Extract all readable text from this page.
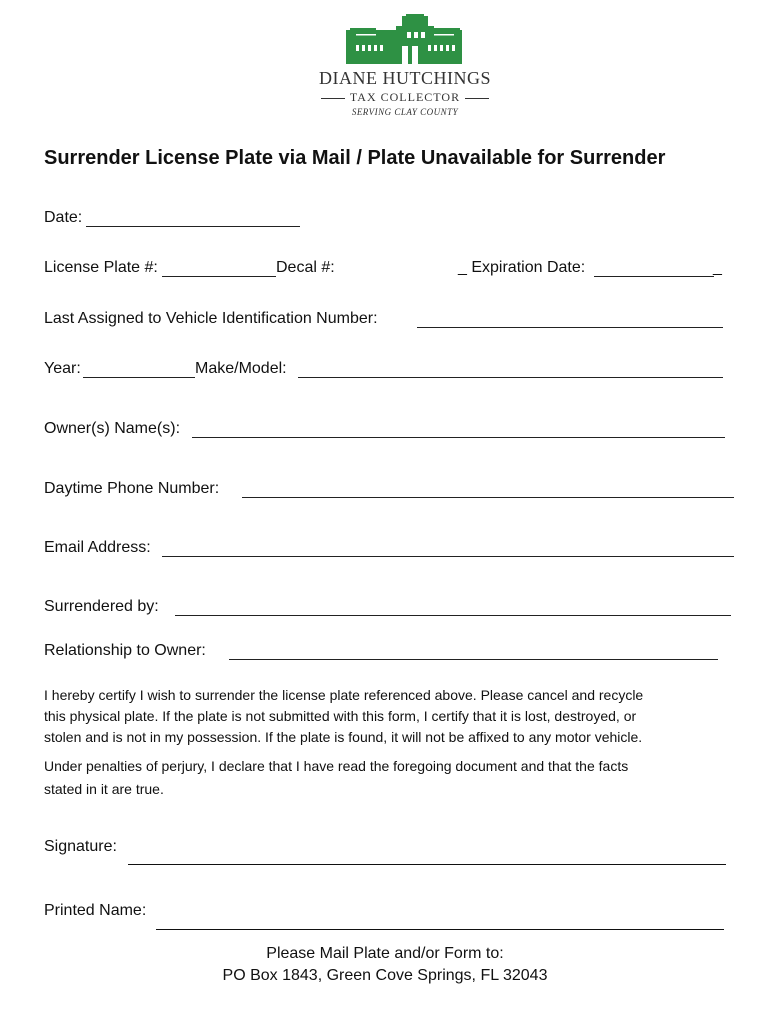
DIANE HUTCHINGS
TAX COLLECTOR
SERVING CLAY COUNTY
Surrender License Plate via Mail / Plate Unavailable for Surrender
Date:
License Plate #:	Decal #:	_ Expiration Date:	_
Last Assigned to Vehicle Identification Number:
Year:	Make/Model:
Owner(s) Name(s):
Daytime Phone Number:
Email Address:
Surrendered by:
Relationship to Owner:
I hereby certify I wish to surrender the license plate referenced above. Please cancel and recycle
this physical plate. If the plate is not submitted with this form, I certify that it is lost, destroyed, or
stolen and is not in my possession. If the plate is found, it will not be affixed to any motor vehicle.
Under penalties of perjury, I declare that I have read the foregoing document and that the facts
stated in it are true.
Signature:
Printed Name:
Please Mail Plate and/or Form to:
PO Box 1843, Green Cove Springs, FL 32043
